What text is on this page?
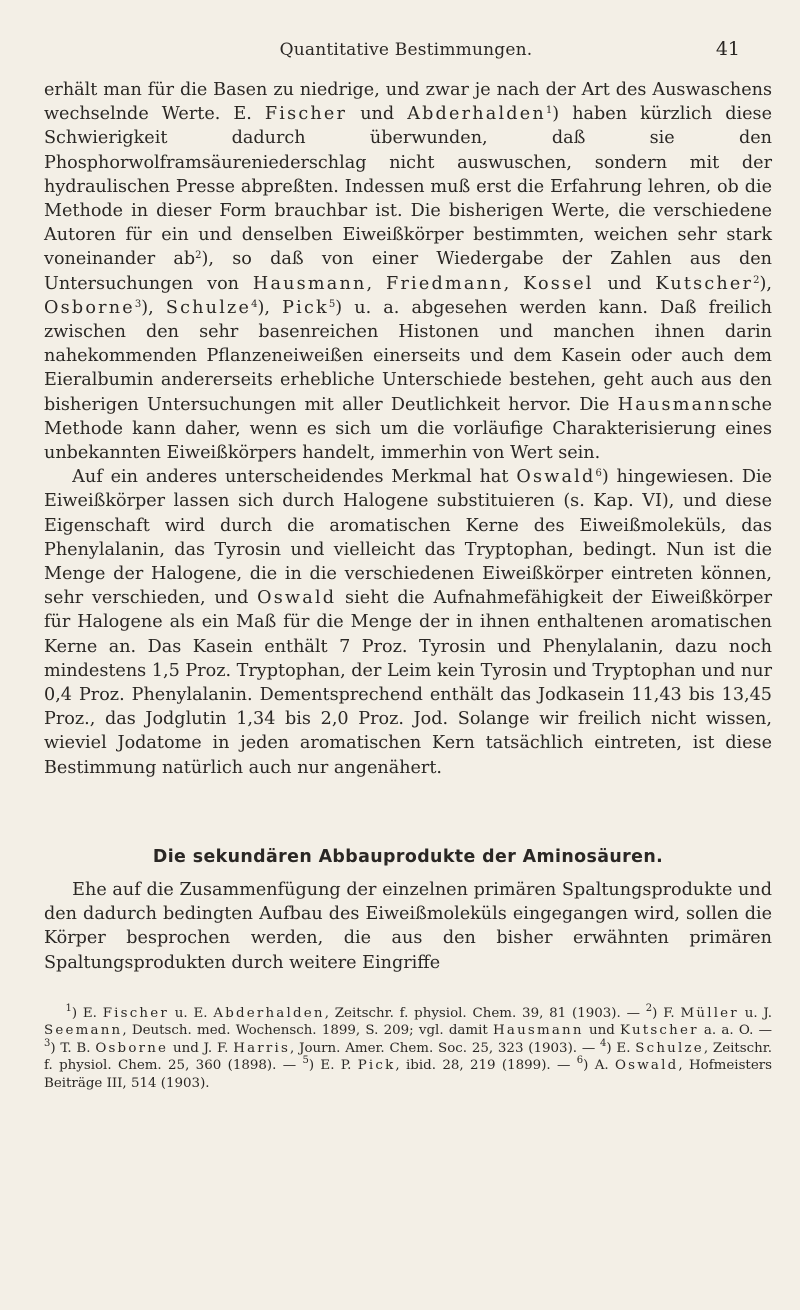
Quantitative Bestimmungen.	41

erhält man für die Basen zu niedrige, und zwar je nach der Art des Auswaschens wechselnde Werte. E. Fischer und Abderhalden$^1$) haben kürzlich diese Schwierigkeit dadurch überwunden, daß sie den Phosphorwolframsäureniederschlag nicht auswuschen, sondern mit der hydraulischen Presse abpreßten. Indessen muß erst die Erfahrung lehren, ob die Methode in dieser Form brauchbar ist. Die bisherigen Werte, die verschiedene Autoren für ein und denselben Eiweißkörper bestimmten, weichen sehr stark voneinander $ab^2$), so daß von einer Wiedergabe der Zahlen aus den Untersuchungen von Hausmann, Friedmann, Kossel und Kutscher$^2$), Osborne$^3$), Schulze$^4$), Pick$^5$) u. a. abgesehen werden kann. Daß freilich zwischen den sehr basenreichen Histonen und manchen ihnen darin nahekommenden Pflanzeneiweißen einerseits und dem Kasein oder auch dem Eieralbumin andererseits erhebliche Unterschiede bestehen, geht auch aus den bisherigen Untersuchungen mit aller Deutlichkeit hervor. Die Hausmannsche Methode kann daher, wenn es sich um die vorläufige Charakterisierung eines unbekannten Eiweißkörpers handelt, immerhin von Wert sein.

Auf ein anderes unterscheidendes Merkmal hat Oswald$^6$) hingewiesen. Die Eiweißkörper lassen sich durch Halogene substituieren (s. Kap. VI), und diese Eigenschaft wird durch die aromatischen Kerne des Eiweißmoleküls, das Phenylalanin, das Tyrosin und vielleicht das Tryptophan, bedingt. Nun ist die Menge der Halogene, die in die verschiedenen Eiweißkörper eintreten können, sehr verschieden, und Oswald sieht die Aufnahmefähigkeit der Eiweißkörper für Halogene als ein Maß für die Menge der in ihnen enthaltenen aromatischen Kerne an. Das Kasein enthält 7 Proz. Tyrosin und Phenylalanin, dazu noch mindestens 1,5 Proz. Tryptophan, der Leim kein Tyrosin und Tryptophan und nur 0,4 Proz. Phenylalanin. Dementsprechend enthält das Jodkasein 11,43 bis 13,45 Proz., das Jodglutin 1,34 bis 2,0 Proz. Jod. Solange wir freilich nicht wissen, wieviel Jodatome in jeden aromatischen Kern tatsächlich eintreten, ist diese Bestimmung natürlich auch nur angenähert.

Die sekundären Abbauprodukte der Aminosäuren.

Ehe auf die Zusammenfügung der einzelnen primären Spaltungsprodukte und den dadurch bedingten Aufbau des Eiweißmoleküls eingegangen wird, sollen die Körper besprochen werden, die aus den bisher erwähnten primären Spaltungsprodukten durch weitere Eingriffe

$^1$) E. Fischer u. E. Abderhalden, Zeitschr. f. physiol. Chem. 39, 81 (1903). — $^2$) F. Müller u. J. Seemann, Deutsch. med. Wochensch. 1899, S. 209; vgl. damit Hausmann und Kutscher a. a. O. — $^3$) T. B. Osborne und J. F. Harris, Journ. Amer. Chem. Soc. 25, 323 (1903). — $^4$) E. Schulze, Zeitschr. f. physiol. Chem. 25, 360 (1898). — $^5$) E. P. Pick, ibid. 28, 219 (1899). — $^6$) A. Oswald, Hofmeisters Beiträge III, 514 (1903).
